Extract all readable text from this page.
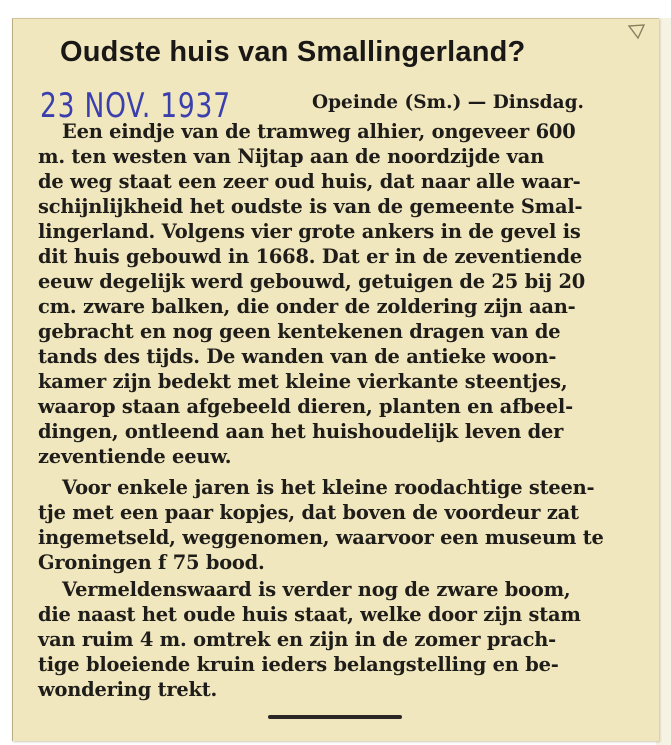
Oudste huis van Smallingerland?
23 NOV. 1937	Opeinde (Sm.) — Dinsdag.
Een eindje van de tramweg alhier, ongeveer 600
m. ten westen van Nijtap aan de noordzijde van
de weg staat een zeer oud huis, dat naar alle waar-
schijnlijkheid het oudste is van de gemeente Smal-
lingerland. Volgens vier grote ankers in de gevel is
dit huis gebouwd in 1668. Dat er in de zeventiende
eeuw degelijk werd gebouwd, getuigen de 25 bij 20
cm. zware balken, die onder de zoldering zijn aan-
gebracht en nog geen kentekenen dragen van de
tands des tijds. De wanden van de antieke woon-
kamer zijn bedekt met kleine vierkante steentjes,
waarop staan afgebeeld dieren, planten en afbeel-
dingen, ontleend aan het huishoudelijk leven der
zeventiende eeuw.
Voor enkele jaren is het kleine roodachtige steen-
tje met een paar kopjes, dat boven de voordeur zat
ingemetseld, weggenomen, waarvoor een museum te
Groningen f 75 bood.
Vermeldenswaard is verder nog de zware boom,
die naast het oude huis staat, welke door zijn stam
van ruim 4 m. omtrek en zijn in de zomer prach-
tige bloeiende kruin ieders belangstelling en be-
wondering trekt.
